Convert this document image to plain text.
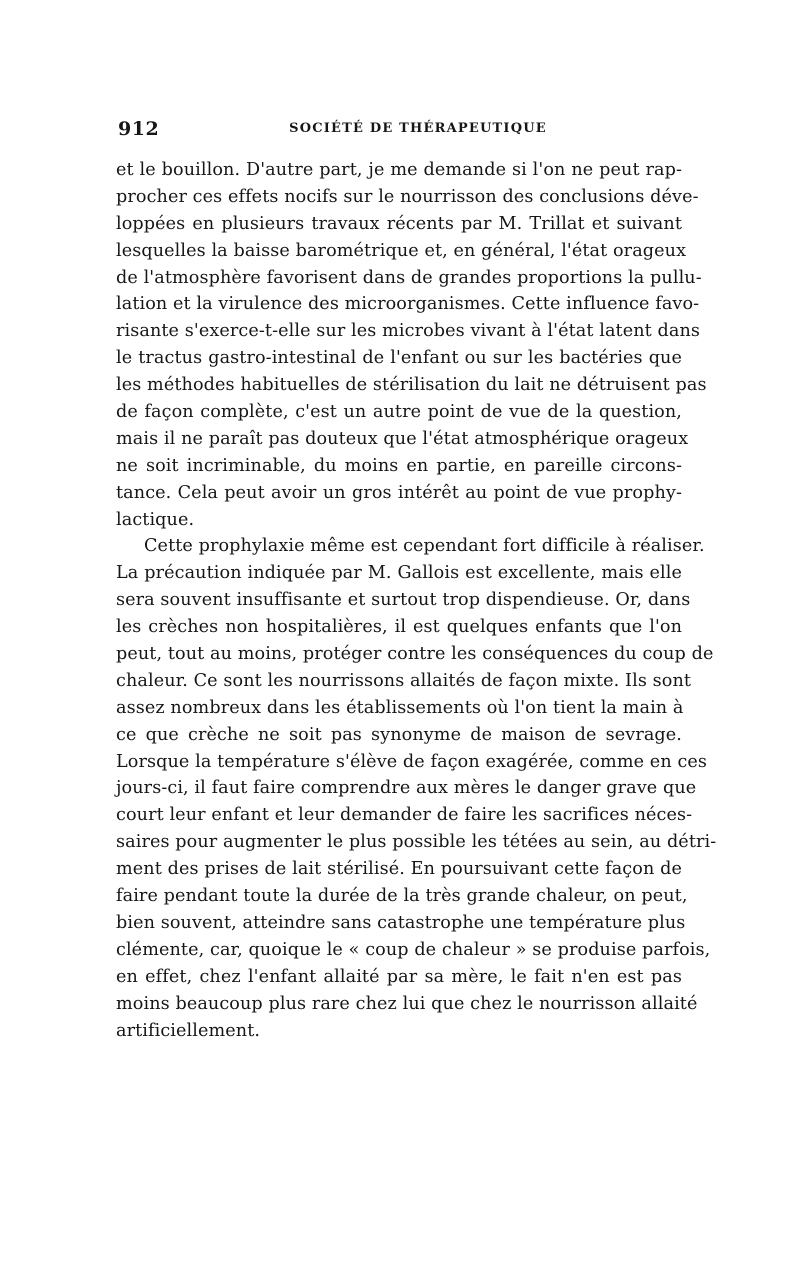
912	SOCIÉTÉ DE THÉRAPEUTIQUE
et le bouillon. D'autre part, je me demande si l'on ne peut rap-
procher ces effets nocifs sur le nourrisson des conclusions déve-
loppées en plusieurs travaux récents par M. Trillat et suivant
lesquelles la baisse barométrique et, en général, l'état orageux
de l'atmosphère favorisent dans de grandes proportions la pullu-
lation et la virulence des microorganismes. Cette influence favo-
risante s'exerce-t-elle sur les microbes vivant à l'état latent dans
le tractus gastro-intestinal de l'enfant ou sur les bactéries que
les méthodes habituelles de stérilisation du lait ne détruisent pas
de façon complète, c'est un autre point de vue de la question,
mais il ne paraît pas douteux que l'état atmosphérique orageux
ne soit incriminable, du moins en partie, en pareille circons-
tance. Cela peut avoir un gros intérêt au point de vue prophy-
lactique.
Cette prophylaxie même est cependant fort difficile à réaliser.
La précaution indiquée par M. Gallois est excellente, mais elle
sera souvent insuffisante et surtout trop dispendieuse. Or, dans
les crèches non hospitalières, il est quelques enfants que l'on
peut, tout au moins, protéger contre les conséquences du coup de
chaleur. Ce sont les nourrissons allaités de façon mixte. Ils sont
assez nombreux dans les établissements où l'on tient la main à
ce que crèche ne soit pas synonyme de maison de sevrage.
Lorsque la température s'élève de façon exagérée, comme en ces
jours-ci, il faut faire comprendre aux mères le danger grave que
court leur enfant et leur demander de faire les sacrifices néces-
saires pour augmenter le plus possible les tétées au sein, au détri-
ment des prises de lait stérilisé. En poursuivant cette façon de
faire pendant toute la durée de la très grande chaleur, on peut,
bien souvent, atteindre sans catastrophe une température plus
clémente, car, quoique le « coup de chaleur » se produise parfois,
en effet, chez l'enfant allaité par sa mère, le fait n'en est pas
moins beaucoup plus rare chez lui que chez le nourrisson allaité
artificiellement.
